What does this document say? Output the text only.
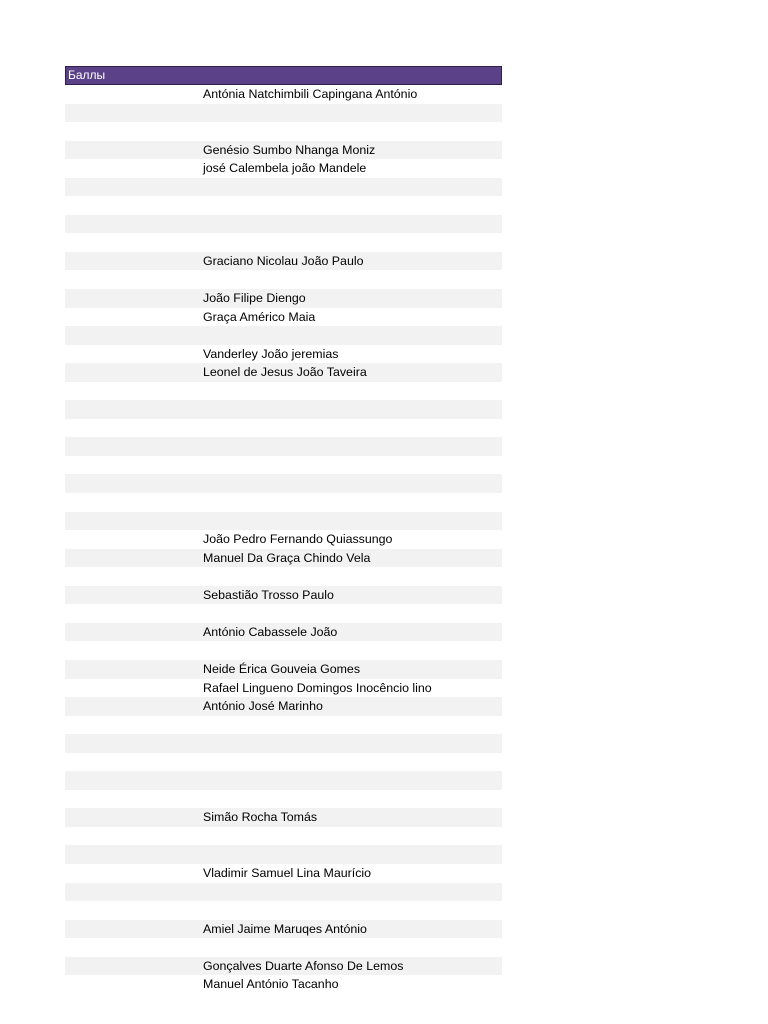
Баллы
Antónia Natchimbili Capingana António
Genésio Sumbo Nhanga Moniz
josé Calembela joão Mandele
Graciano Nicolau João Paulo
João Filipe Diengo
Graça Américo Maia
Vanderley João jeremias
Leonel de Jesus João Taveira
João Pedro Fernando Quiassungo
Manuel Da Graça Chindo Vela
Sebastião Trosso Paulo
António Cabassele João
Neide Érica Gouveia Gomes
Rafael Lingueno Domingos Inocêncio lino
António José Marinho
Simão Rocha Tomás
Vladimir Samuel Lina Maurício
Amiel Jaime Maruqes António
Gonçalves Duarte Afonso De Lemos
Manuel António Tacanho
